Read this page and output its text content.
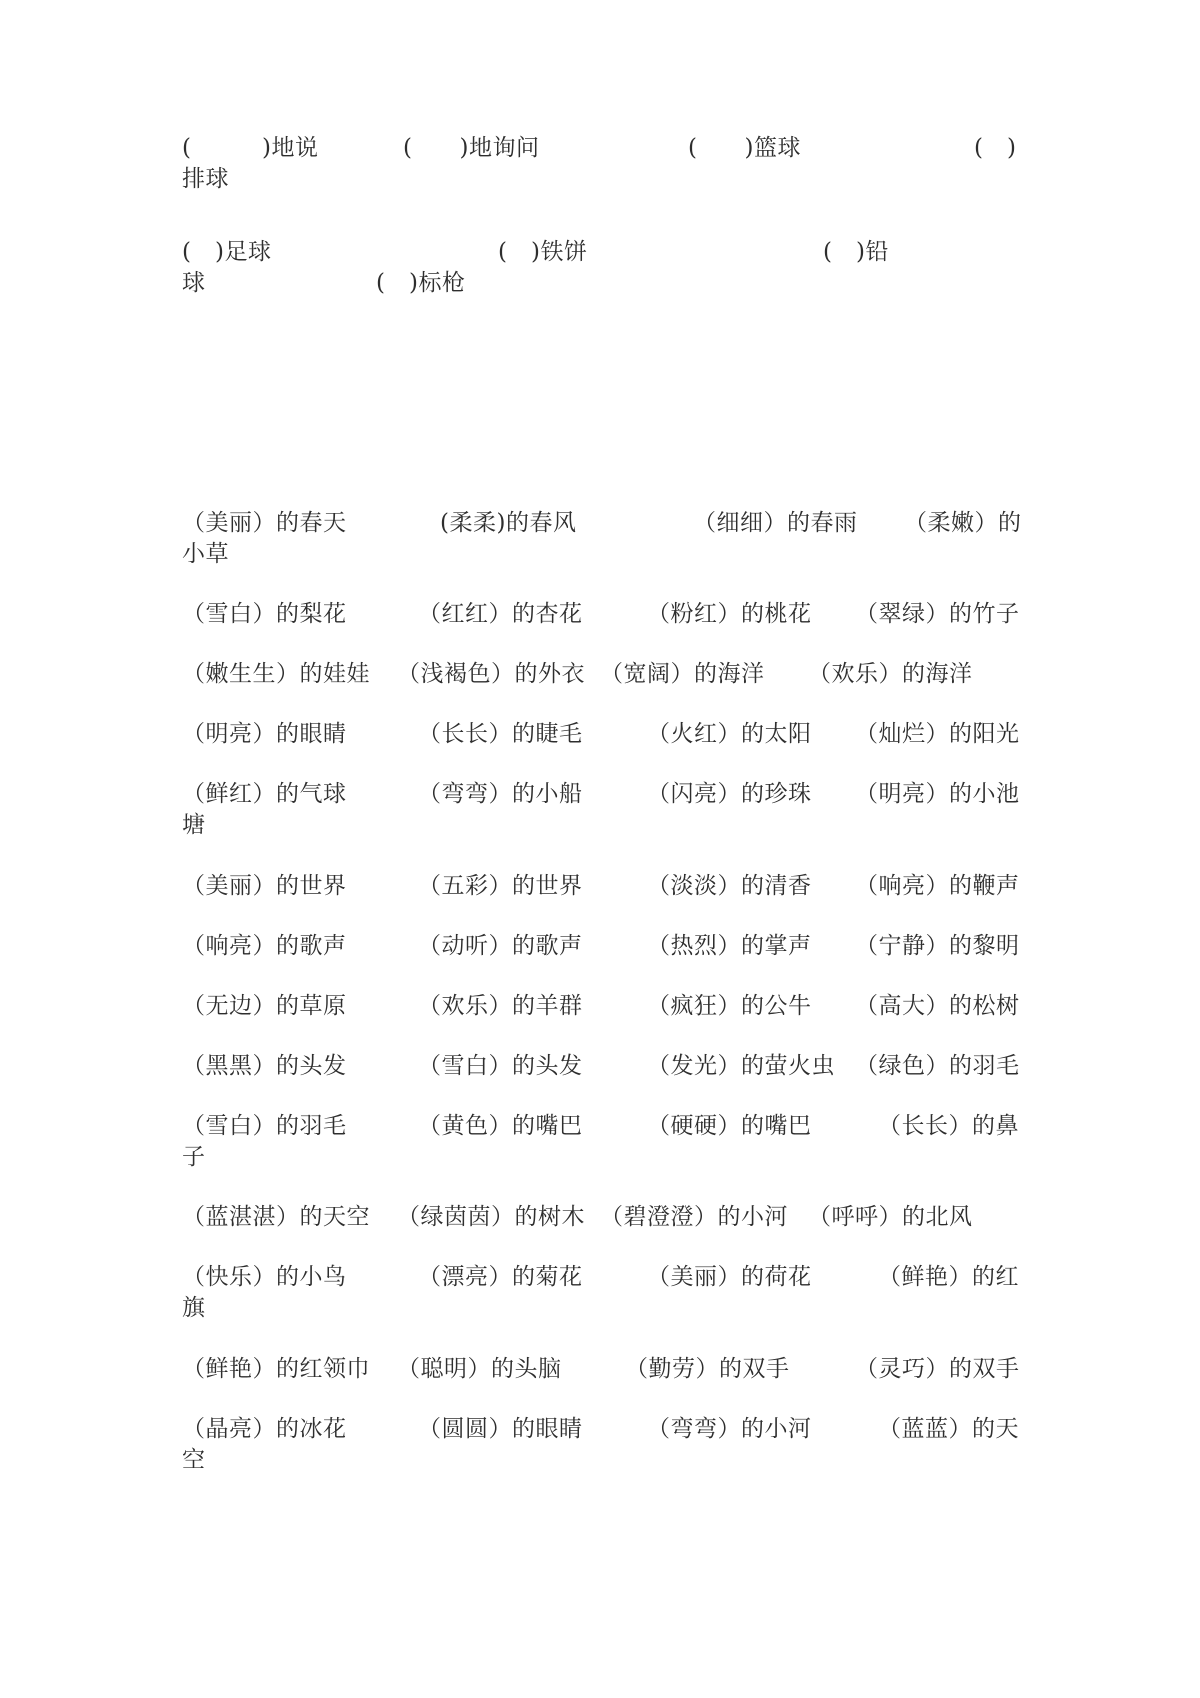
(　　　)地说	(　　)地询问	(　　)篮球	(　)
排球
(　)足球	(　)铁饼	(　)铅
球	(　)标枪
（美丽）的春天	(柔柔)的春风	（细细）的春雨 （柔嫩）的
小草
（雪白）的梨花	（红红）的杏花	（粉红）的桃花 （翠绿）的竹子
（嫩生生）的娃娃 （浅褐色）的外衣 （宽阔）的海洋 （欢乐）的海洋
（明亮）的眼睛	（长长）的睫毛	（火红）的太阳 （灿烂）的阳光
（鲜红）的气球	（弯弯）的小船	（闪亮）的珍珠 （明亮）的小池
塘
（美丽）的世界	（五彩）的世界	（淡淡）的清香 （响亮）的鞭声
（响亮）的歌声	（动听）的歌声	（热烈）的掌声 （宁静）的黎明
（无边）的草原	（欢乐）的羊群	（疯狂）的公牛 （高大）的松树
（黑黑）的头发	（雪白）的头发	（发光）的萤火虫 （绿色）的羽毛
（雪白）的羽毛	（黄色）的嘴巴	（硬硬）的嘴巴	（长长）的鼻
子
（蓝湛湛）的天空 （绿茵茵）的树木 （碧澄澄）的小河 （呼呼）的北风
（快乐）的小鸟	（漂亮）的菊花	（美丽）的荷花	（鲜艳）的红
旗
（鲜艳）的红领巾 （聪明）的头脑	（勤劳）的双手	（灵巧）的双手
（晶亮）的冰花	（圆圆）的眼睛	（弯弯）的小河	（蓝蓝）的天
空
